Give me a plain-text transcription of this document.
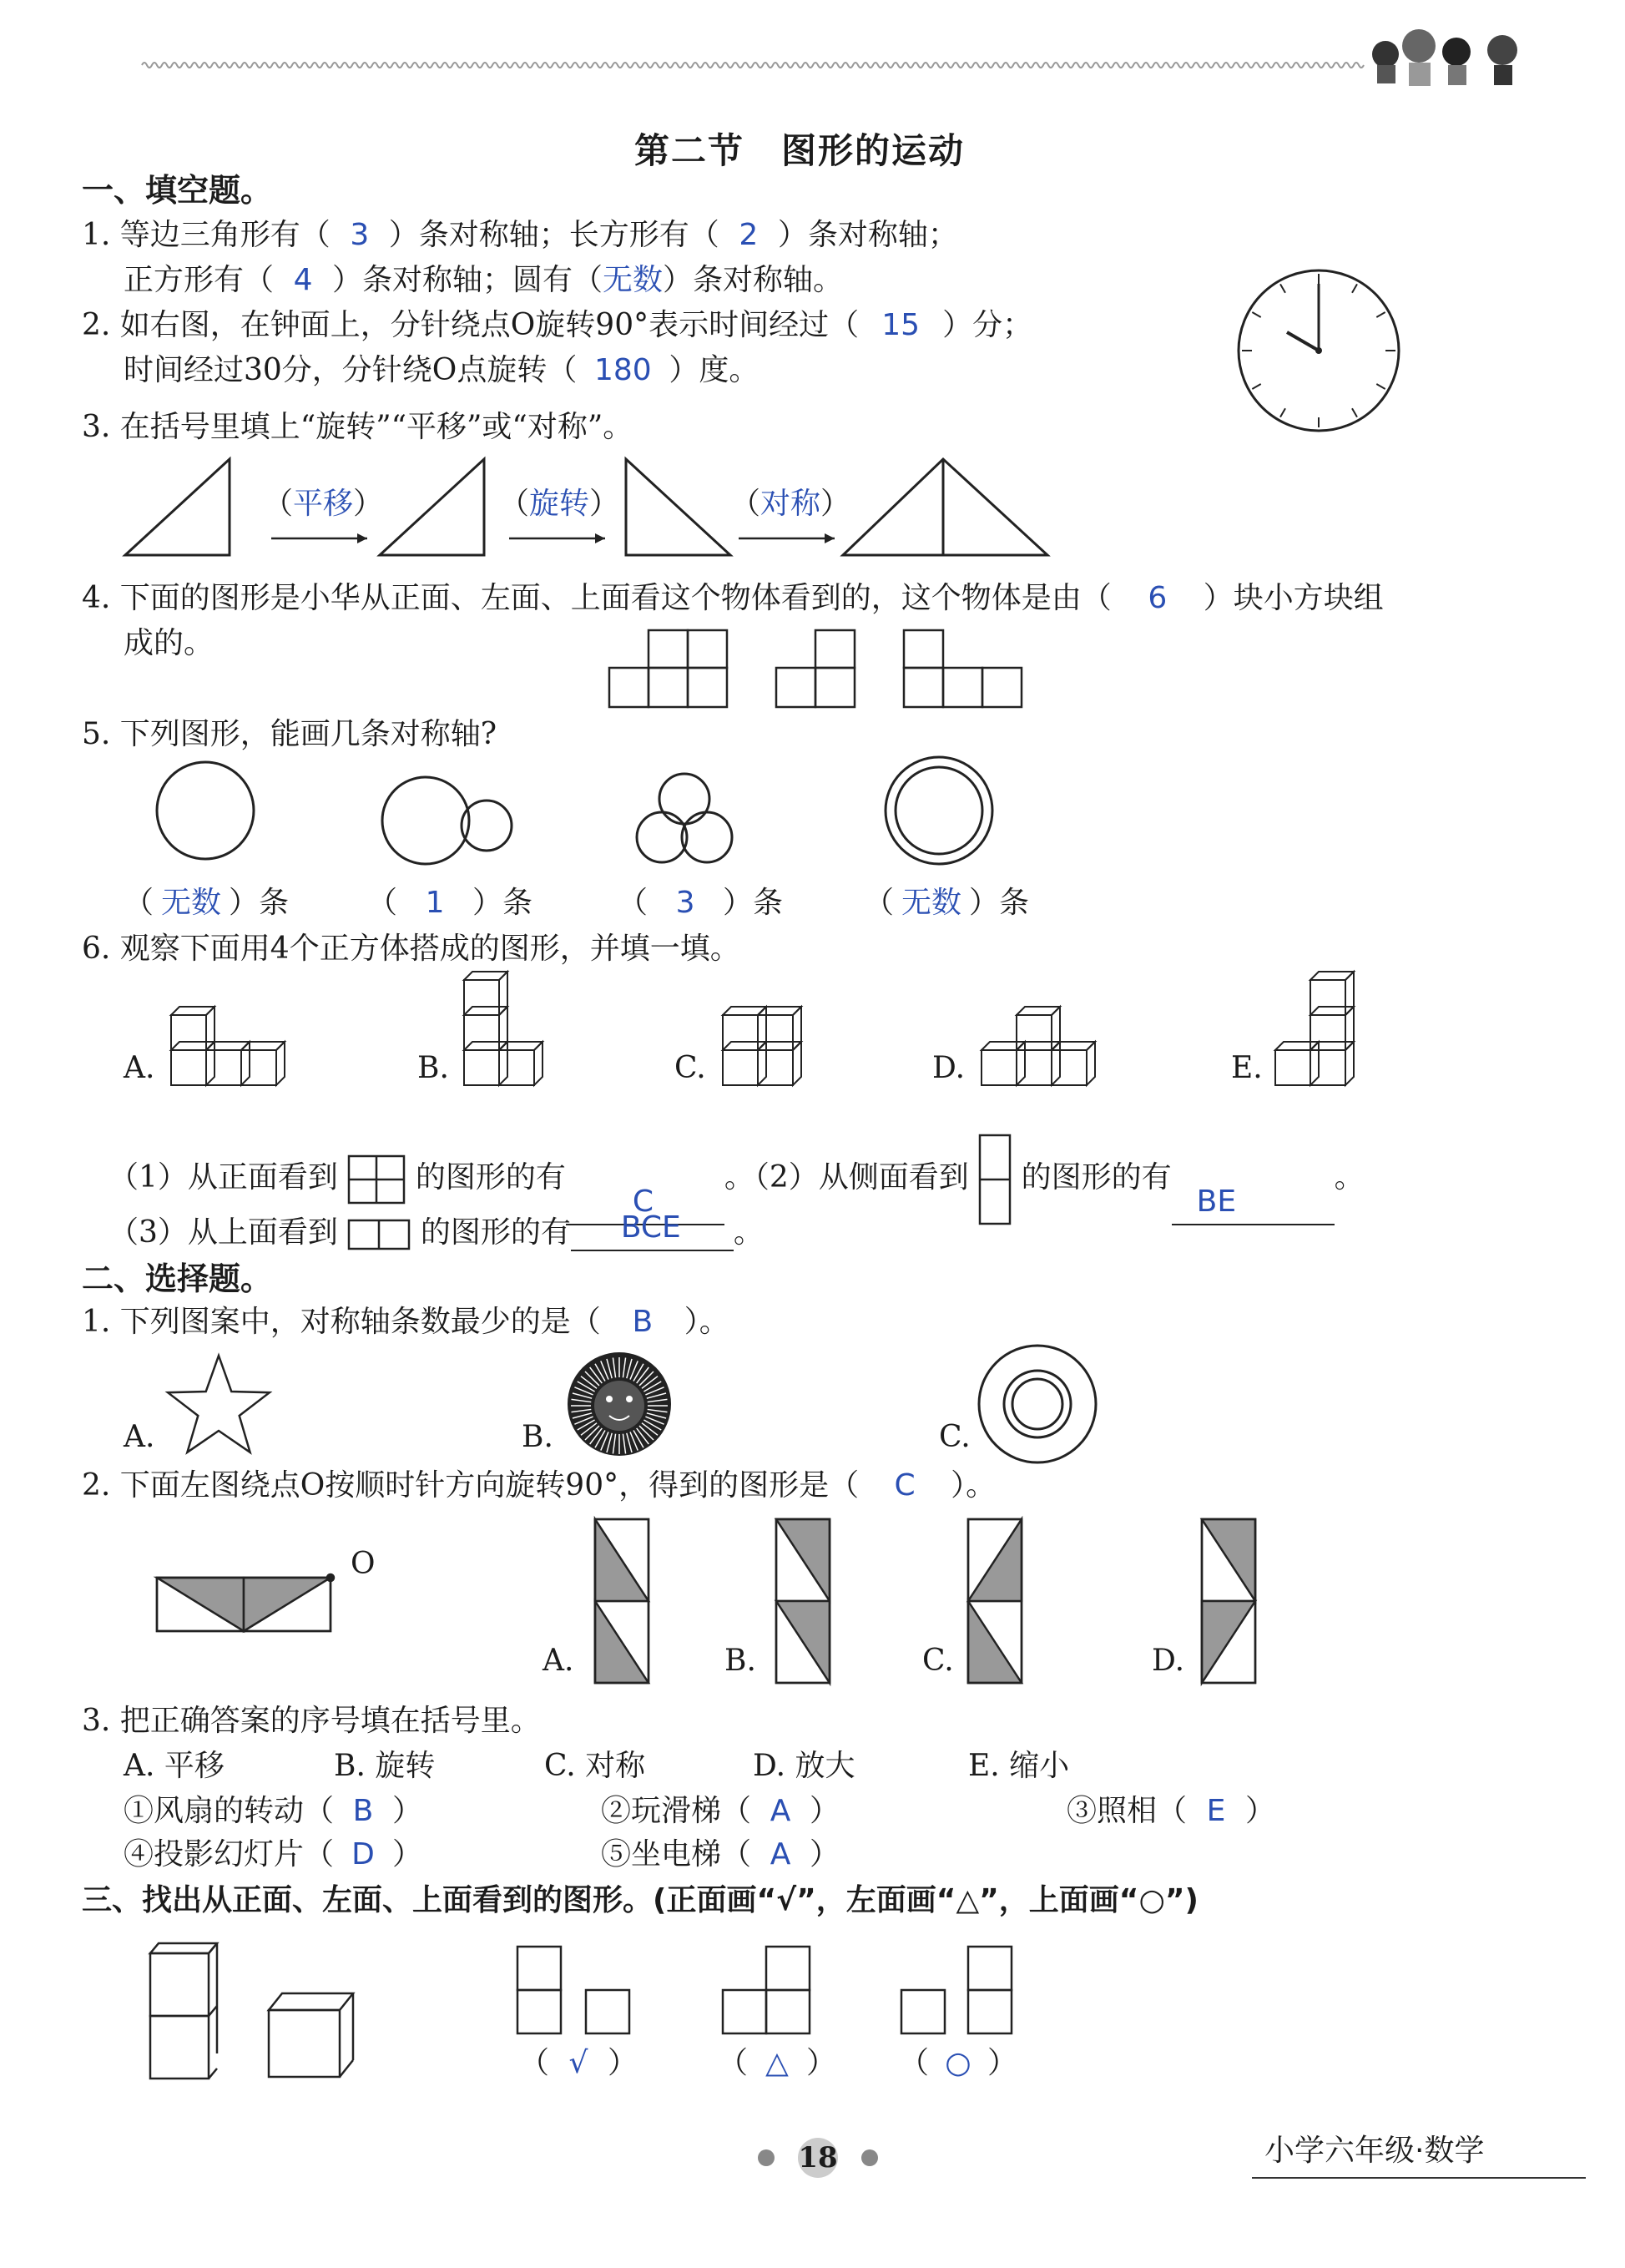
第二节　图形的运动
一、填空题。
1. 等边三角形有（ 3 ）条对称轴；长方形有（ 2 ）条对称轴；
正方形有（ 4 ）条对称轴；圆有（无数）条对称轴。
2. 如右图，在钟面上，分针绕点O旋转90°表示时间经过（ 15 ）分；
时间经过30分，分针绕O点旋转（ 180 ）度。
3. 在括号里填上“旋转”“平移”或“对称”。
（平移）	（旋转）	（对称）
4. 下面的图形是小华从正面、左面、上面看这个物体看到的，这个物体是由（ 6 ）块小方块组
成的。
5. 下列图形，能画几条对称轴?
（ 无数 ）条	（ 1 ）条	（ 3 ）条	（ 无数 ）条
6. 观察下面用4个正方体搭成的图形，并填一填。
A.	B.	C.	D.	E.
（1）从正面看到	的图形的有
C
。（2）从侧面看到 的图形的有
BE
。
（3）从上面看到	的图形的有 BCE 。
二、选择题。
1. 下列图案中，对称轴条数最少的是（ B ）。
A.	B.	C.
2. 下面左图绕点O按顺时针方向旋转90°，得到的图形是（ C ）。
O
A.	B.	C.	D.
3. 把正确答案的序号填在括号里。
A. 平移	B. 旋转	C. 对称	D. 放大	E. 缩小
①风扇的转动（ B ）	②玩滑梯（ A ）	③照相（ E ）
④投影幻灯片（ D ）	⑤坐电梯（ A ）
三、找出从正面、左面、上面看到的图形。(正面画“√”，左面画“△”，上面画“○”)
（ √ ）	（ △ ） （ ○ ）
18	小学六年级·数学
